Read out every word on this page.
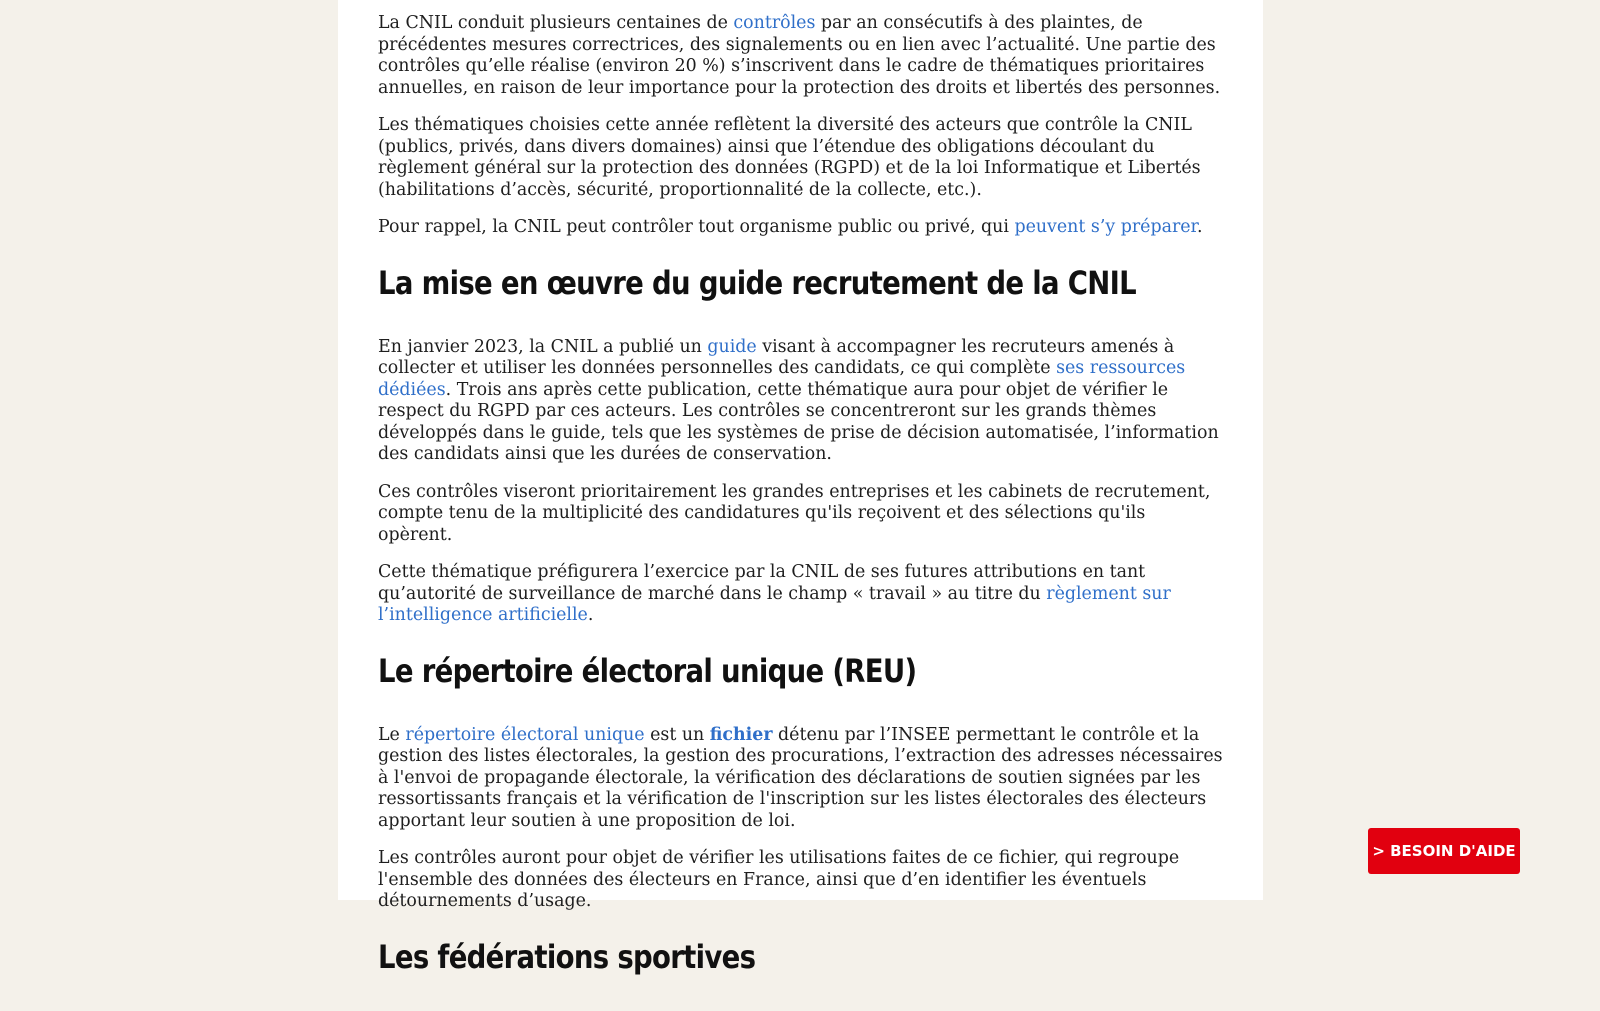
La CNIL conduit plusieurs centaines de contrôles par an consécutifs à des plaintes, de précédentes mesures correctrices, des signalements ou en lien avec l’actualité. Une partie des contrôles qu’elle réalise (environ 20 %) s’inscrivent dans le cadre de thématiques prioritaires annuelles, en raison de leur importance pour la protection des droits et libertés des personnes.

Les thématiques choisies cette année reflètent la diversité des acteurs que contrôle la CNIL (publics, privés, dans divers domaines) ainsi que l’étendue des obligations découlant du règlement général sur la protection des données (RGPD) et de la loi Informatique et Libertés (habilitations d’accès, sécurité, proportionnalité de la collecte, etc.).

Pour rappel, la CNIL peut contrôler tout organisme public ou privé, qui peuvent s’y préparer.

La mise en œuvre du guide recrutement de la CNIL

En janvier 2023, la CNIL a publié un guide visant à accompagner les recruteurs amenés à collecter et utiliser les données personnelles des candidats, ce qui complète ses ressources dédiées. Trois ans après cette publication, cette thématique aura pour objet de vérifier le respect du RGPD par ces acteurs. Les contrôles se concentreront sur les grands thèmes développés dans le guide, tels que les systèmes de prise de décision automatisée, l’information des candidats ainsi que les durées de conservation.

Ces contrôles viseront prioritairement les grandes entreprises et les cabinets de recrutement, compte tenu de la multiplicité des candidatures qu'ils reçoivent et des sélections qu'ils opèrent.

Cette thématique préfigurera l’exercice par la CNIL de ses futures attributions en tant qu’autorité de surveillance de marché dans le champ « travail » au titre du règlement sur l’intelligence artificielle.

Le répertoire électoral unique (REU)

Le répertoire électoral unique est un fichier détenu par l’INSEE permettant le contrôle et la gestion des listes électorales, la gestion des procurations, l’extraction des adresses nécessaires à l'envoi de propagande électorale, la vérification des déclarations de soutien signées par les ressortissants français et la vérification de l'inscription sur les listes électorales des électeurs apportant leur soutien à une proposition de loi.

Les contrôles auront pour objet de vérifier les utilisations faites de ce fichier, qui regroupe l'ensemble des données des électeurs en France, ainsi que d’en identifier les éventuels détournements d’usage.

Les fédérations sportives
> BESOIN D'AIDE
